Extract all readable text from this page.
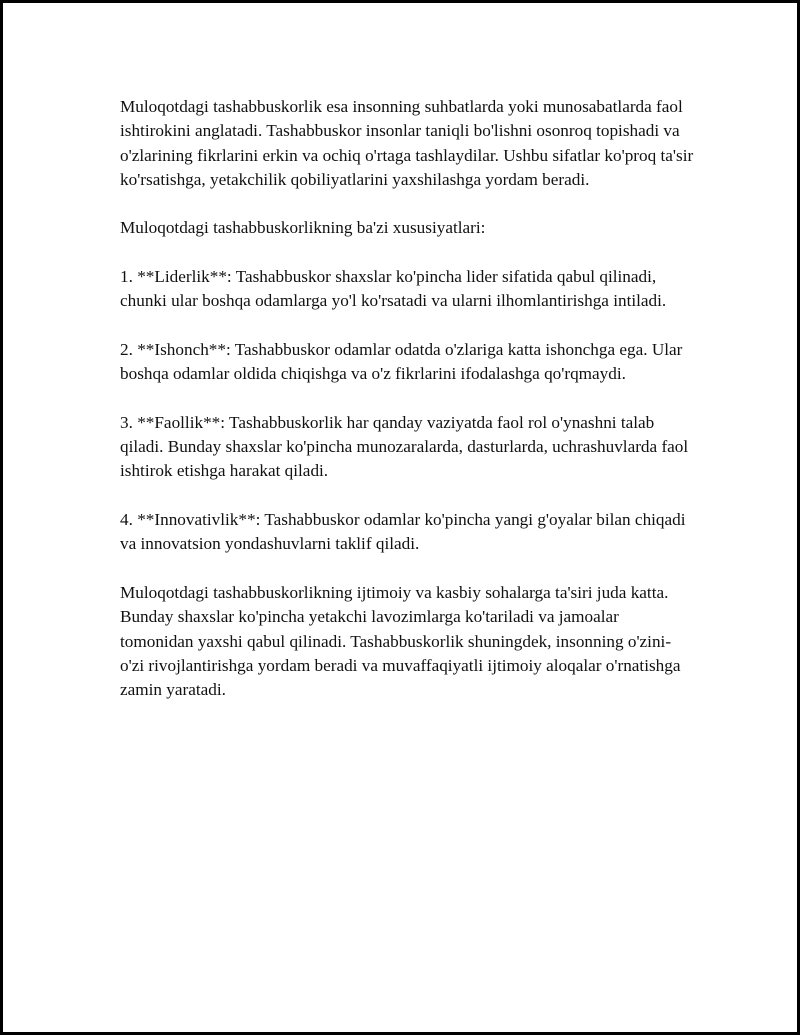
Muloqotdagi tashabbuskorlik esa insonning suhbatlarda yoki munosabatlarda faol ishtirokini anglatadi. Tashabbuskor insonlar taniqli bo'lishni osonroq topishadi va o'zlarining fikrlarini erkin va ochiq o'rtaga tashlaydilar. Ushbu sifatlar ko'proq ta'sir ko'rsatishga, yetakchilik qobiliyatlarini yaxshilashga yordam beradi.

Muloqotdagi tashabbuskorlikning ba'zi xususiyatlari:

1. **Liderlik**: Tashabbuskor shaxslar ko'pincha lider sifatida qabul qilinadi, chunki ular boshqa odamlarga yo'l ko'rsatadi va ularni ilhomlantirishga intiladi.

2. **Ishonch**: Tashabbuskor odamlar odatda o'zlariga katta ishonchga ega. Ular boshqa odamlar oldida chiqishga va o'z fikrlarini ifodalashga qo'rqmaydi.

3. **Faollik**: Tashabbuskorlik har qanday vaziyatda faol rol o'ynashni talab qiladi. Bunday shaxslar ko'pincha munozaralarda, dasturlarda, uchrashuvlarda faol ishtirok etishga harakat qiladi.

4. **Innovativlik**: Tashabbuskor odamlar ko'pincha yangi g'oyalar bilan chiqadi va innovatsion yondashuvlarni taklif qiladi.

Muloqotdagi tashabbuskorlikning ijtimoiy va kasbiy sohalarga ta'siri juda katta. Bunday shaxslar ko'pincha yetakchi lavozimlarga ko'tariladi va jamoalar tomonidan yaxshi qabul qilinadi. Tashabbuskorlik shuningdek, insonning o'zini-o'zi rivojlantirishga yordam beradi va muvaffaqiyatli ijtimoiy aloqalar o'rnatishga zamin yaratadi.
